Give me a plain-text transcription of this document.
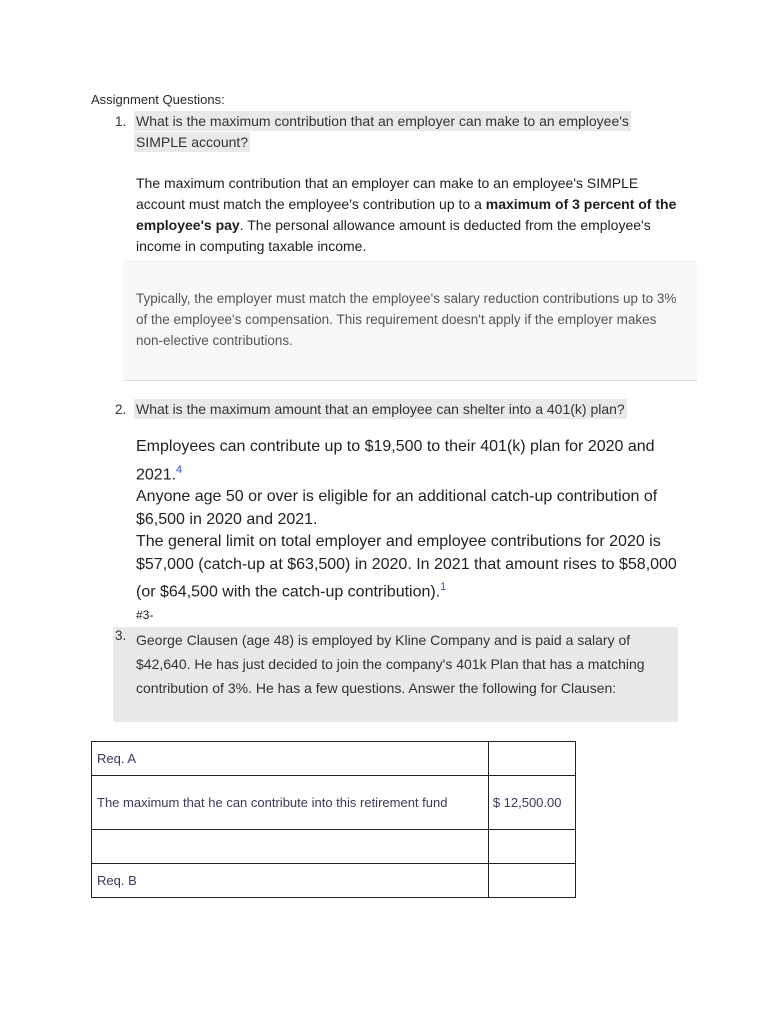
Assignment Questions:
1. What is the maximum contribution that an employer can make to an employee's
SIMPLE account?
The maximum contribution that an employer can make to an employee's SIMPLE account must match the employee's contribution up to a maximum of 3 percent of the employee's pay. The personal allowance amount is deducted from the employee's income in computing taxable income.
Typically, the employer must match the employee's salary reduction contributions up to 3% of the employee's compensation. This requirement doesn't apply if the employer makes non-elective contributions.
2. What is the maximum amount that an employee can shelter into a 401(k) plan?

Employees can contribute up to $19,500 to their 401(k) plan for 2020 and 2021.$^4$

Anyone age 50 or over is eligible for an additional catch-up contribution of $6,500 in 2020 and 2021.

The general limit on total employer and employee contributions for 2020 is $57,000 (catch-up at $63,500) in 2020. In 2021 that amount rises to $58,000 (or $64,500 with the catch-up contribution).$^1$

#3-
George Clausen (age 48) is employed by Kline Company and is paid a salary of $42,640. He has just decided to join the company's 401k Plan that has a matching contribution of 3%. He has a few questions. Answer the following for Clausen:
3.
Req. A	
The maximum that he can contribute into this retirement fund	$ 12,500.00

Req. B	
